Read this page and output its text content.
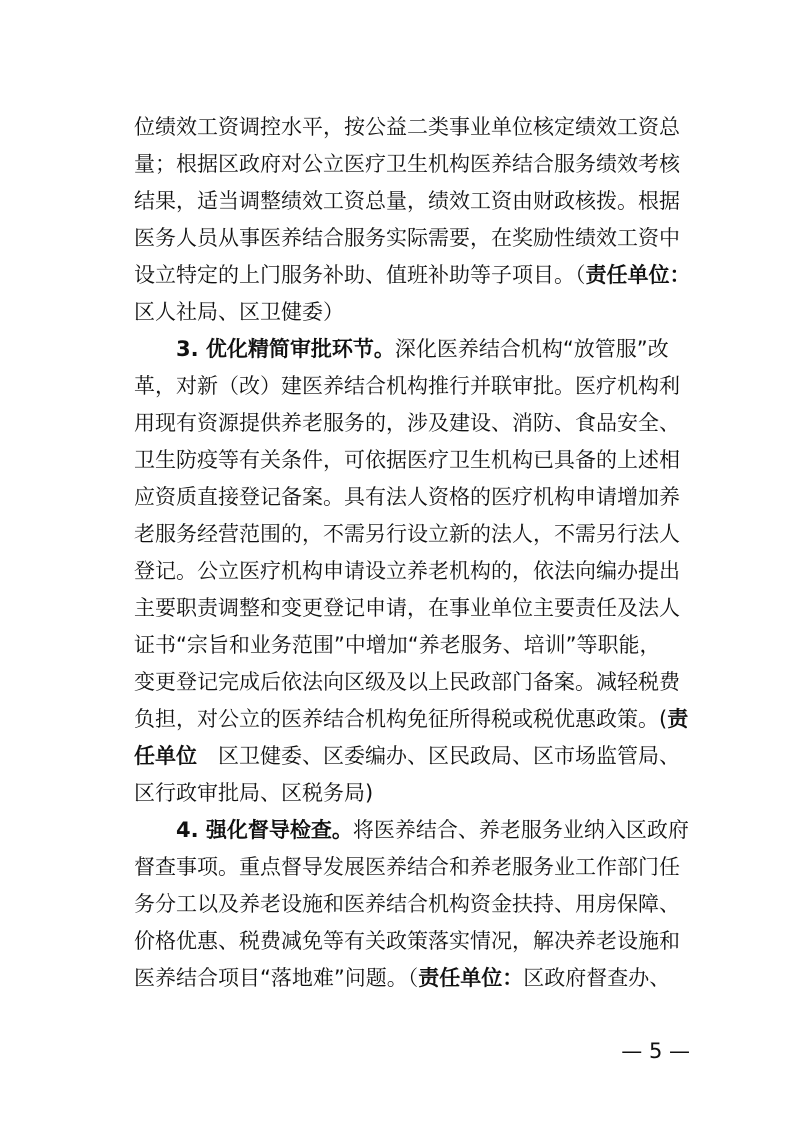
位绩效工资调控水平，按公益二类事业单位核定绩效工资总
量；根据区政府对公立医疗卫生机构医养结合服务绩效考核
结果，适当调整绩效工资总量，绩效工资由财政核拨。根据
医务人员从事医养结合服务实际需要，在奖励性绩效工资中
设立特定的上门服务补助、值班补助等子项目。（责任单位：
区人社局、区卫健委）
3. 优化精简审批环节。深化医养结合机构“放管服”改
革，对新（改）建医养结合机构推行并联审批。医疗机构利
用现有资源提供养老服务的，涉及建设、消防、食品安全、
卫生防疫等有关条件，可依据医疗卫生机构已具备的上述相
应资质直接登记备案。具有法人资格的医疗机构申请增加养
老服务经营范围的，不需另行设立新的法人，不需另行法人
登记。公立医疗机构申请设立养老机构的，依法向编办提出
主要职责调整和变更登记申请，在事业单位主要责任及法人
证书“宗旨和业务范围”中增加“养老服务、培训”等职能，
变更登记完成后依法向区级及以上民政部门备案。减轻税费
负担，对公立的医养结合机构免征所得税或税优惠政策。(责
任单位　区卫健委、区委编办、区民政局、区市场监管局、
区行政审批局、区税务局)
4. 强化督导检查。将医养结合、养老服务业纳入区政府
督查事项。重点督导发展医养结合和养老服务业工作部门任
务分工以及养老设施和医养结合机构资金扶持、用房保障、
价格优惠、税费减免等有关政策落实情况，解决养老设施和
医养结合项目“落地难”问题。（责任单位：区政府督查办、
— 5 —
